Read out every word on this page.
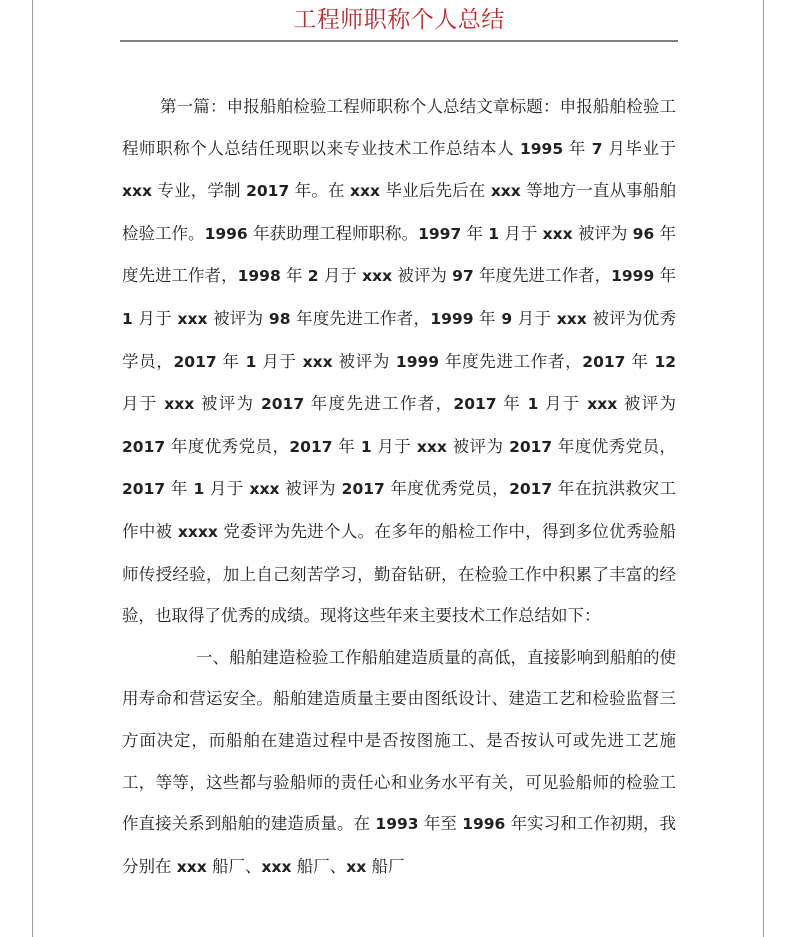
工程师职称个人总结

第一篇：申报船舶检验工程师职称个人总结文章标题：申报船舶检验工程师职称个人总结任现职以来专业技术工作总结本人 1995 年 7 月毕业于 xxx 专业，学制 2017 年。在 xxx 毕业后先后在 xxx 等地方一直从事船舶检验工作。1996 年获助理工程师职称。1997 年 1 月于 xxx 被评为 96 年度先进工作者，1998 年 2 月于 xxx 被评为 97 年度先进工作者，1999 年 1 月于 xxx 被评为 98 年度先进工作者，1999 年 9 月于 xxx 被评为优秀学员，2017 年 1 月于 xxx 被评为 1999 年度先进工作者，2017 年 12 月于 xxx 被评为 2017 年度先进工作者，2017 年 1 月于 xxx 被评为 2017 年度优秀党员，2017 年 1 月于 xxx 被评为 2017 年度优秀党员，2017 年 1 月于 xxx 被评为 2017 年度优秀党员，2017 年在抗洪救灾工作中被 xxxx 党委评为先进个人。在多年的船检工作中，得到多位优秀验船师传授经验，加上自己刻苦学习，勤奋钻研，在检验工作中积累了丰富的经验，也取得了优秀的成绩。现将这些年来主要技术工作总结如下：

一、船舶建造检验工作船舶建造质量的高低，直接影响到船舶的使用寿命和营运安全。船舶建造质量主要由图纸设计、建造工艺和检验监督三方面决定，而船舶在建造过程中是否按图施工、是否按认可或先进工艺施工，等等，这些都与验船师的责任心和业务水平有关，可见验船师的检验工作直接关系到船舶的建造质量。在 1993 年至 1996 年实习和工作初期，我分别在 xxx 船厂、xxx 船厂、xx 船厂
